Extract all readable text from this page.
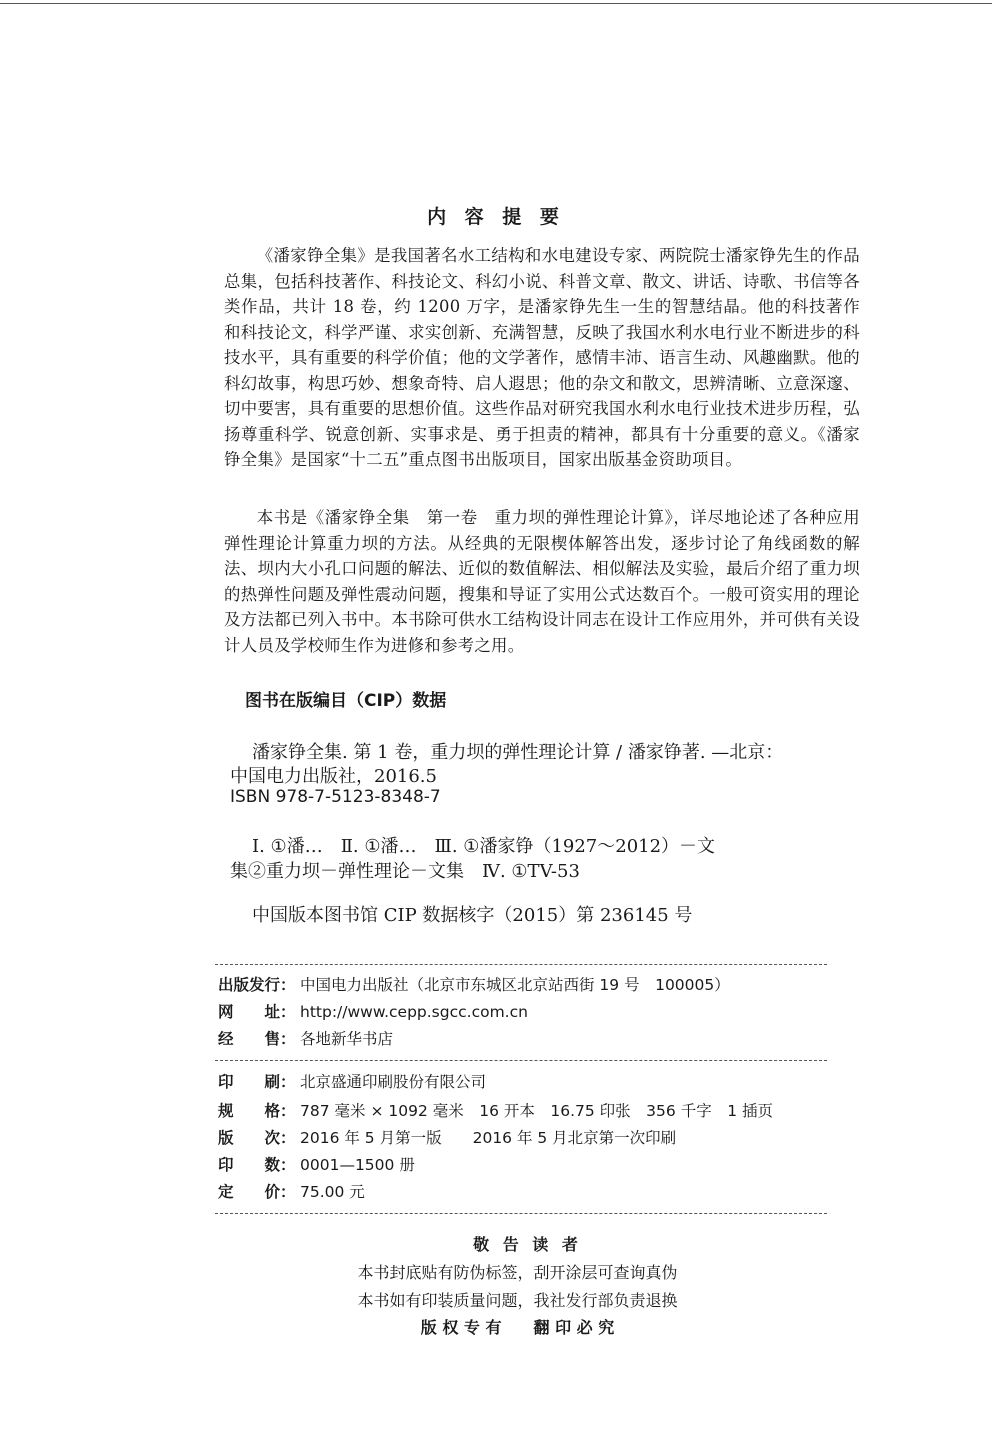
内 容 提 要
《潘家铮全集》是我国著名水工结构和水电建设专家、两院院士潘家铮先生的作品总集，包括科技著作、科技论文、科幻小说、科普文章、散文、讲话、诗歌、书信等各类作品，共计 18 卷，约 1200 万字，是潘家铮先生一生的智慧结晶。他的科技著作和科技论文，科学严谨、求实创新、充满智慧，反映了我国水利水电行业不断进步的科技水平，具有重要的科学价值；他的文学著作，感情丰沛、语言生动、风趣幽默。他的科幻故事，构思巧妙、想象奇特、启人遐思；他的杂文和散文，思辨清晰、立意深邃、切中要害，具有重要的思想价值。这些作品对研究我国水利水电行业技术进步历程，弘扬尊重科学、锐意创新、实事求是、勇于担责的精神，都具有十分重要的意义。《潘家铮全集》是国家“十二五”重点图书出版项目，国家出版基金资助项目。
本书是《潘家铮全集　第一卷　重力坝的弹性理论计算》，详尽地论述了各种应用弹性理论计算重力坝的方法。从经典的无限楔体解答出发，逐步讨论了角线函数的解法、坝内大小孔口问题的解法、近似的数值解法、相似解法及实验，最后介绍了重力坝的热弹性问题及弹性震动问题，搜集和导证了实用公式达数百个。一般可资实用的理论及方法都已列入书中。本书除可供水工结构设计同志在设计工作应用外，并可供有关设计人员及学校师生作为进修和参考之用。
图书在版编目（CIP）数据
潘家铮全集. 第 1 卷，重力坝的弹性理论计算 / 潘家铮著. —北京：
中国电力出版社，2016.5
ISBN 978-7-5123-8348-7
Ⅰ. ①潘…　Ⅱ. ①潘…　Ⅲ. ①潘家铮（1927～2012）－文
集②重力坝－弹性理论－文集　Ⅳ. ①TV-53
中国版本图书馆 CIP 数据核字（2015）第 236145 号
出版发行： 中国电力出版社（北京市东城区北京站西街 19 号　100005）
网　　址： http://www.cepp.sgcc.com.cn
经　　售： 各地新华书店
印　　刷： 北京盛通印刷股份有限公司
规　　格： 787 毫米 × 1092 毫米　16 开本　16.75 印张　356 千字　1 插页
版　　次： 2016 年 5 月第一版　　2016 年 5 月北京第一次印刷
印　　数： 0001—1500 册
定　　价： 75.00 元
敬 告 读 者
本书封底贴有防伪标签，刮开涂层可查询真伪
本书如有印装质量问题，我社发行部负责退换
版 权 专 有　　翻 印 必 究
